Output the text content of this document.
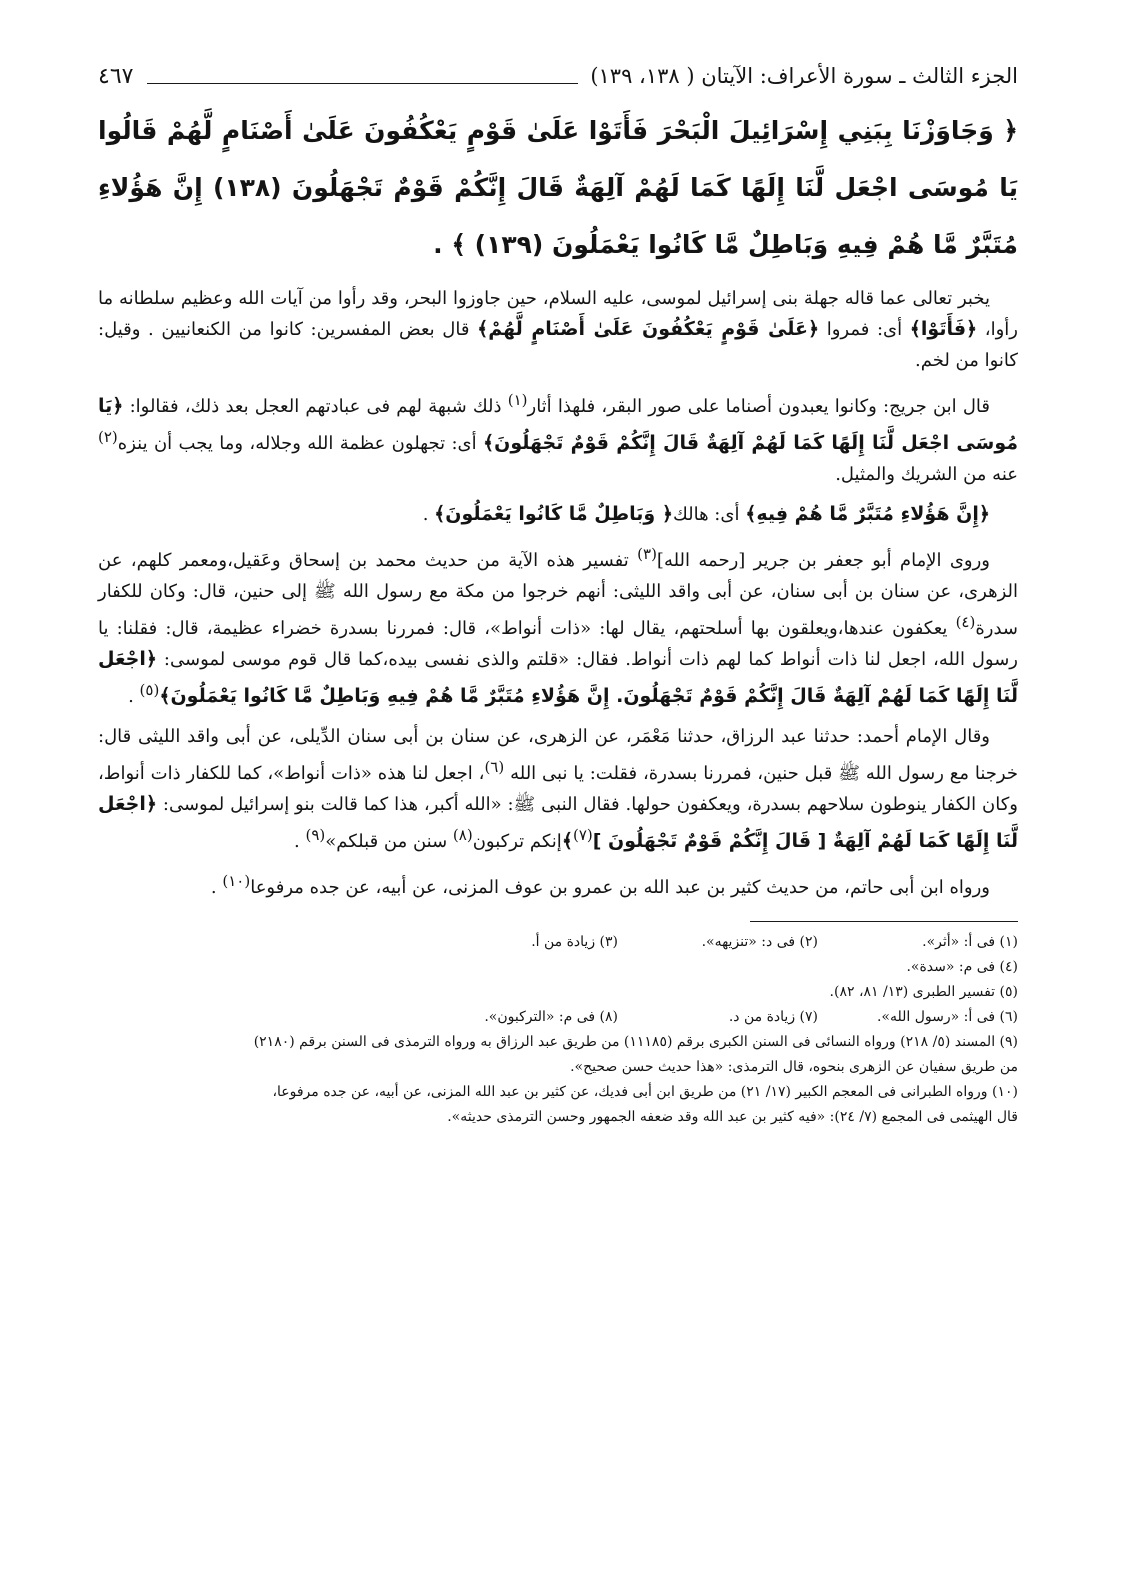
الجزء الثالث ـ سورة الأعراف: الآيتان ( ١٣٨، ١٣٩)
٤٦٧

﴿ وَجَاوَزْنَا بِبَنِي إِسْرَائِيلَ الْبَحْرَ فَأَتَوْا عَلَىٰ قَوْمٍ يَعْكُفُونَ عَلَىٰ أَصْنَامٍ لَّهُمْ قَالُوا يَا مُوسَى اجْعَل لَّنَا إِلَهًا كَمَا لَهُمْ آلِهَةٌ قَالَ إِنَّكُمْ قَوْمٌ تَجْهَلُونَ (١٣٨) إِنَّ هَؤُلاءِ مُتَبَّرٌ مَّا هُمْ فِيهِ وَبَاطِلٌ مَّا كَانُوا يَعْمَلُونَ (١٣٩) ﴾ .

يخبر تعالى عما قاله جهلة بنى إسرائيل لموسى، عليه السلام، حين جاوزوا البحر، وقد رأوا من آيات الله وعظيم سلطانه ما رأوا، ﴿فَأَتَوْا﴾ أى: فمروا ﴿عَلَىٰ قَوْمٍ يَعْكُفُونَ عَلَىٰ أَصْنَامٍ لَّهُمْ﴾ قال بعض المفسرين: كانوا من الكنعانيين . وقيل: كانوا من لخم.

قال ابن جريج: وكانوا يعبدون أصناما على صور البقر، فلهذا أثار$^{(١)}$ ذلك شبهة لهم فى عبادتهم العجل بعد ذلك، فقالوا: ﴿يَا مُوسَى اجْعَل لَّنَا إِلَهًا كَمَا لَهُمْ آلِهَةٌ قَالَ إِنَّكُمْ قَوْمٌ تَجْهَلُونَ﴾ أى: تجهلون عظمة الله وجلاله، وما يجب أن ينزه$^{(٢)}$ عنه من الشريك والمثيل.

﴿إِنَّ هَؤُلاءِ مُتَبَّرٌ مَّا هُمْ فِيهِ﴾ أى: هالك﴿ وَبَاطِلٌ مَّا كَانُوا يَعْمَلُونَ﴾ .

وروى الإمام أبو جعفر بن جرير [رحمه الله]$^{(٣)}$ تفسير هذه الآية من حديث محمد بن إسحاق وعَقيل،ومعمر كلهم، عن الزهرى، عن سنان بن أبى سنان، عن أبى واقد الليثى: أنهم خرجوا من مكة مع رسول الله ﷺ إلى حنين، قال: وكان للكفار سدرة$^{(٤)}$ يعكفون عندها،ويعلقون بها أسلحتهم، يقال لها: «ذات أنواط»، قال: فمررنا بسدرة خضراء عظيمة، قال: فقلنا: يا رسول الله، اجعل لنا ذات أنواط كما لهم ذات أنواط. فقال: «قلتم والذى نفسى بيده،كما قال قوم موسى لموسى: ﴿اجْعَل لَّنَا إِلَهًا كَمَا لَهُمْ آلِهَةٌ قَالَ إِنَّكُمْ قَوْمٌ تَجْهَلُونَ. إِنَّ هَؤُلاءِ مُتَبَّرٌ مَّا هُمْ فِيهِ وَبَاطِلٌ مَّا كَانُوا يَعْمَلُونَ﴾$^{(٥)}$ .

وقال الإمام أحمد: حدثنا عبد الرزاق، حدثنا مَعْمَر، عن الزهرى، عن سنان بن أبى سنان الدِّيلى، عن أبى واقد الليثى قال: خرجنا مع رسول الله ﷺ قبل حنين، فمررنا بسدرة، فقلت: يا نبى الله $^{(٦)}$، اجعل لنا هذه «ذات أنواط»، كما للكفار ذات أنواط، وكان الكفار ينوطون سلاحهم بسدرة، ويعكفون حولها. فقال النبى ﷺ: «الله أكبر، هذا كما قالت بنو إسرائيل لموسى: ﴿اجْعَل لَّنَا إِلَهًا كَمَا لَهُمْ آلِهَةٌ [ قَالَ إِنَّكُمْ قَوْمٌ تَجْهَلُونَ ]$^{(٧)}$﴾إنكم تركبون$^{(٨)}$ سنن من قبلكم»$^{(٩)}$ .

ورواه ابن أبى حاتم، من حديث كثير بن عبد الله بن عمرو بن عوف المزنى، عن أبيه، عن جده مرفوعا$^{(١٠)}$ .

(١) فى أ: «أثر».
(٢) فى د: «تنزيهه».
(٣) زيادة من أ.
(٤) فى م: «سدة».
(٥) تفسير الطبرى (١٣/ ٨١، ٨٢).
(٦) فى أ: «رسول الله».
(٧) زيادة من د.
(٨) فى م: «التركبون».
(٩) المسند (٥/ ٢١٨) ورواه النسائى فى السنن الكبرى برقم (١١١٨٥) من طريق عبد الرزاق به ورواه الترمذى فى السنن برقم (٢١٨٠)
من طريق سفيان عن الزهرى بنحوه، قال الترمذى: «هذا حديث حسن صحيح».
(١٠) ورواه الطبرانى فى المعجم الكبير (١٧/ ٢١) من طريق ابن أبى فديك، عن كثير بن عبد الله المزنى، عن أبيه، عن جده مرفوعا،
قال الهيثمى فى المجمع (٧/ ٢٤): «فيه كثير بن عبد الله وقد ضعفه الجمهور وحسن الترمذى حديثه».
